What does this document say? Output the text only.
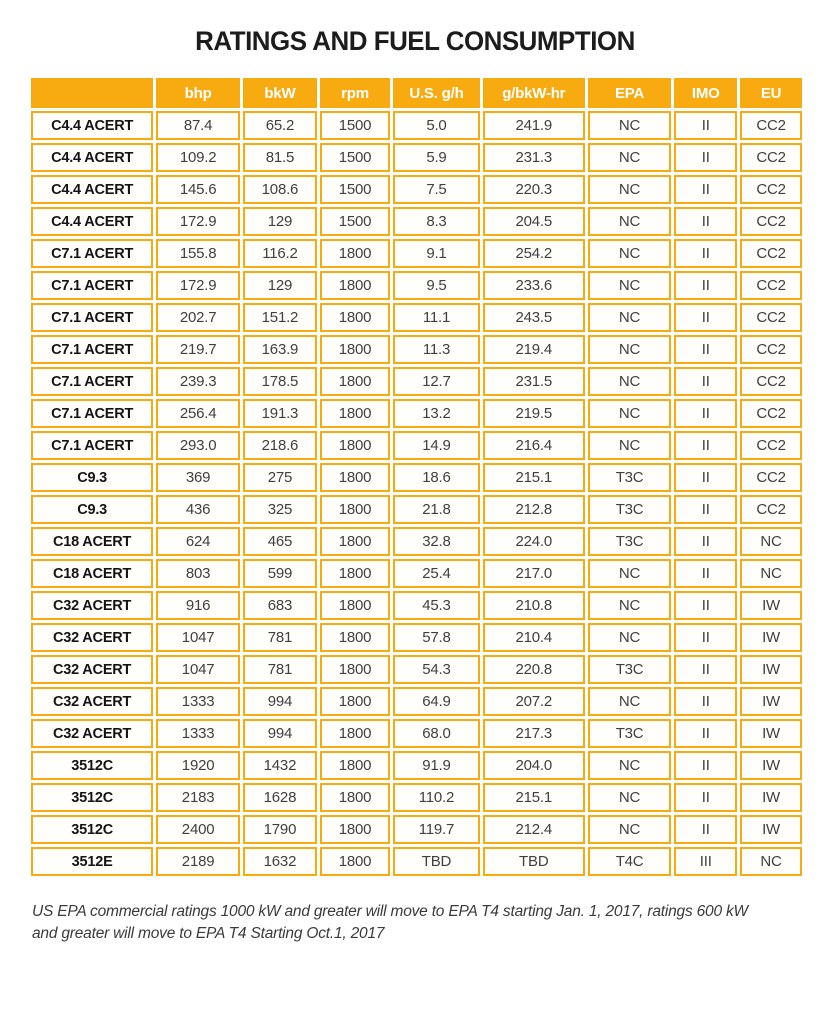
RATINGS AND FUEL CONSUMPTION
	bhp	bkW	rpm	U.S. g/h	g/bkW-hr	EPA	IMO	EU
C4.4 ACERT	87.4	65.2	1500	5.0	241.9	NC	II	CC2
C4.4 ACERT	109.2	81.5	1500	5.9	231.3	NC	II	CC2
C4.4 ACERT	145.6	108.6	1500	7.5	220.3	NC	II	CC2
C4.4 ACERT	172.9	129	1500	8.3	204.5	NC	II	CC2
C7.1 ACERT	155.8	116.2	1800	9.1	254.2	NC	II	CC2
C7.1 ACERT	172.9	129	1800	9.5	233.6	NC	II	CC2
C7.1 ACERT	202.7	151.2	1800	11.1	243.5	NC	II	CC2
C7.1 ACERT	219.7	163.9	1800	11.3	219.4	NC	II	CC2
C7.1 ACERT	239.3	178.5	1800	12.7	231.5	NC	II	CC2
C7.1 ACERT	256.4	191.3	1800	13.2	219.5	NC	II	CC2
C7.1 ACERT	293.0	218.6	1800	14.9	216.4	NC	II	CC2
C9.3	369	275	1800	18.6	215.1	T3C	II	CC2
C9.3	436	325	1800	21.8	212.8	T3C	II	CC2
C18 ACERT	624	465	1800	32.8	224.0	T3C	II	NC
C18 ACERT	803	599	1800	25.4	217.0	NC	II	NC
C32 ACERT	916	683	1800	45.3	210.8	NC	II	IW
C32 ACERT	1047	781	1800	57.8	210.4	NC	II	IW
C32 ACERT	1047	781	1800	54.3	220.8	T3C	II	IW
C32 ACERT	1333	994	1800	64.9	207.2	NC	II	IW
C32 ACERT	1333	994	1800	68.0	217.3	T3C	II	IW
3512C	1920	1432	1800	91.9	204.0	NC	II	IW
3512C	2183	1628	1800	110.2	215.1	NC	II	IW
3512C	2400	1790	1800	119.7	212.4	NC	II	IW
3512E	2189	1632	1800	TBD	TBD	T4C	III	NC
US EPA commercial ratings 1000 kW and greater will move to EPA T4 starting Jan. 1, 2017, ratings 600 kW and greater will move to EPA T4 Starting Oct.1, 2017
